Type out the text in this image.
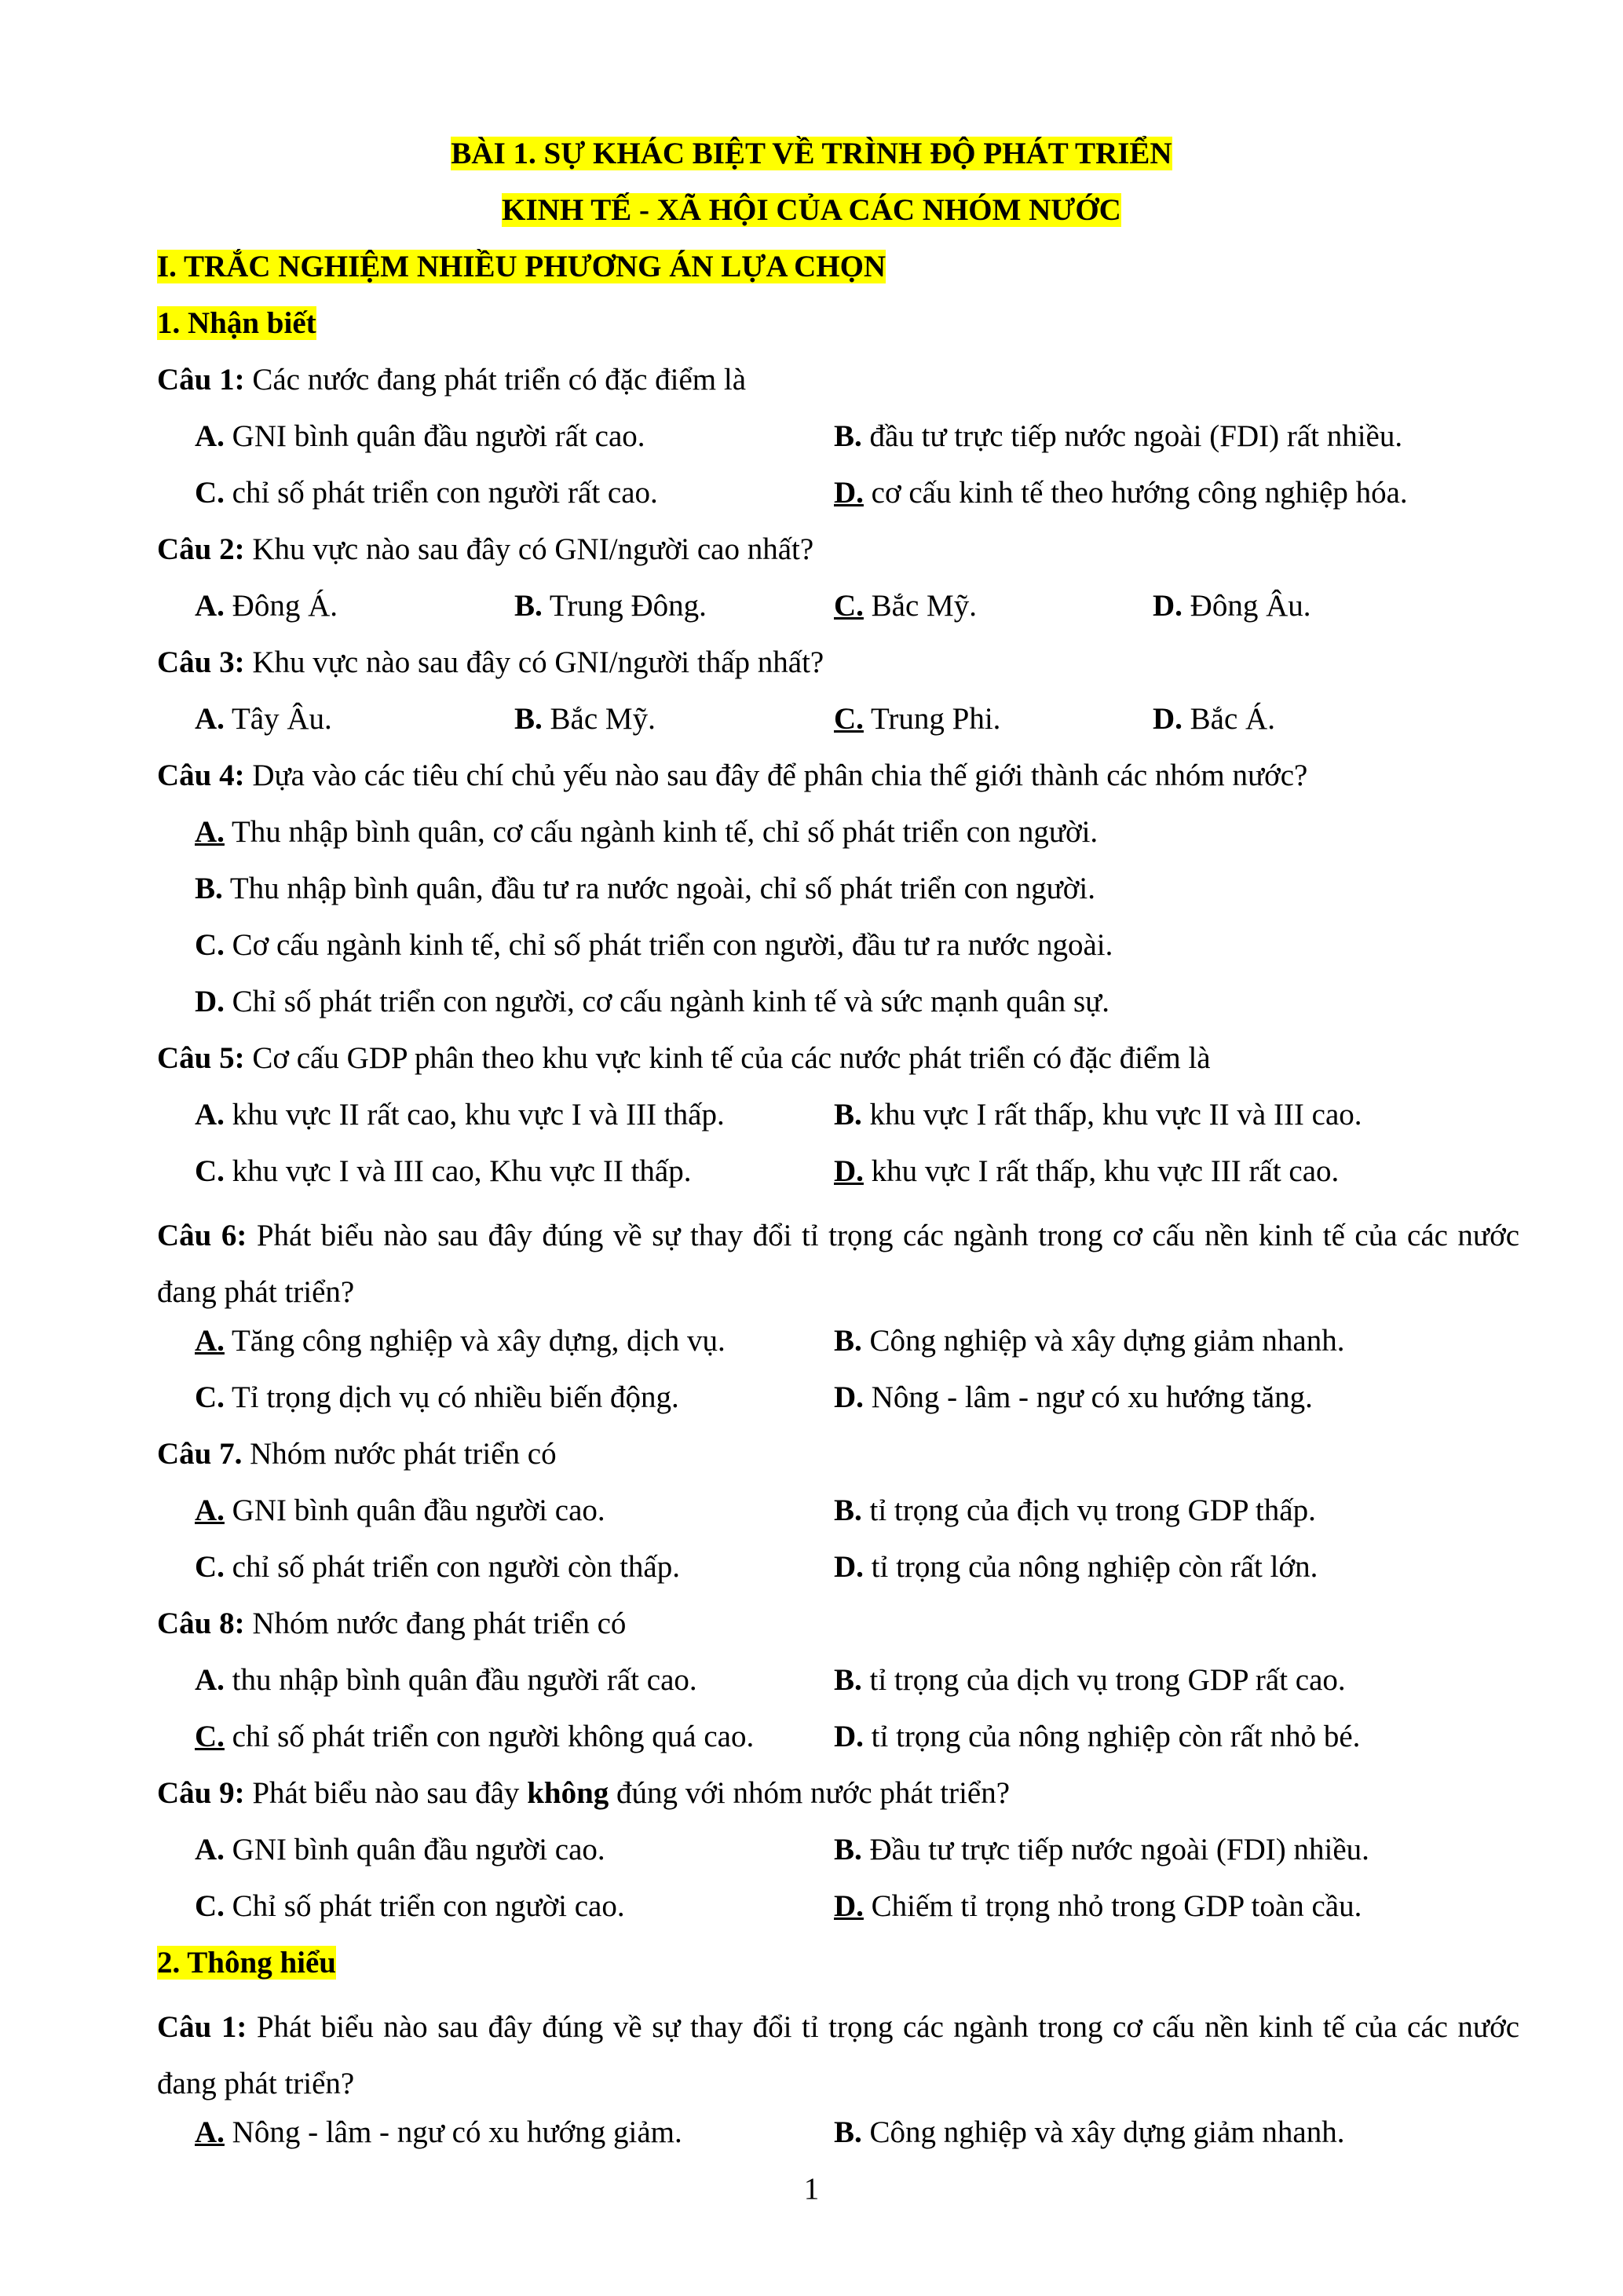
BÀI 1. SỰ KHÁC BIỆT VỀ TRÌNH ĐỘ PHÁT TRIỂN
KINH TẾ - XÃ HỘI CỦA CÁC NHÓM NƯỚC
I. TRẮC NGHIỆM NHIỀU PHƯƠNG ÁN LỰA CHỌN
1. Nhận biết
Câu 1: Các nước đang phát triển có đặc điểm là
A. GNI bình quân đầu người rất cao.	B. đầu tư trực tiếp nước ngoài (FDI) rất nhiều.
C. chỉ số phát triển con người rất cao.	D. cơ cấu kinh tế theo hướng công nghiệp hóa.
Câu 2: Khu vực nào sau đây có GNI/người cao nhất?
A. Đông Á.	B. Trung Đông.	C. Bắc Mỹ.	D. Đông Âu.
Câu 3: Khu vực nào sau đây có GNI/người thấp nhất?
A. Tây Âu.	B. Bắc Mỹ.	C. Trung Phi.	D. Bắc Á.
Câu 4: Dựa vào các tiêu chí chủ yếu nào sau đây để phân chia thế giới thành các nhóm nước?
A. Thu nhập bình quân, cơ cấu ngành kinh tế, chỉ số phát triển con người.
B. Thu nhập bình quân, đầu tư ra nước ngoài, chỉ số phát triển con người.
C. Cơ cấu ngành kinh tế, chỉ số phát triển con người, đầu tư ra nước ngoài.
D. Chỉ số phát triển con người, cơ cấu ngành kinh tế và sức mạnh quân sự.
Câu 5: Cơ cấu GDP phân theo khu vực kinh tế của các nước phát triển có đặc điểm là
A. khu vực II rất cao, khu vực I và III thấp.	B. khu vực I rất thấp, khu vực II và III cao.
C. khu vực I và III cao, Khu vực II thấp.	D. khu vực I rất thấp, khu vực III rất cao.
Câu 6: Phát biểu nào sau đây đúng về sự thay đổi tỉ trọng các ngành trong cơ cấu nền kinh tế của các nước đang phát triển?
A. Tăng công nghiệp và xây dựng, dịch vụ.	B. Công nghiệp và xây dựng giảm nhanh.
C. Tỉ trọng dịch vụ có nhiều biến động.	D. Nông - lâm - ngư có xu hướng tăng.
Câu 7. Nhóm nước phát triển có
A. GNI bình quân đầu người cao.	B. tỉ trọng của địch vụ trong GDP thấp.
C. chỉ số phát triển con người còn thấp.	D. tỉ trọng của nông nghiệp còn rất lớn.
Câu 8: Nhóm nước đang phát triển có
A. thu nhập bình quân đầu người rất cao.	B. tỉ trọng của dịch vụ trong GDP rất cao.
C. chỉ số phát triển con người không quá cao.	D. tỉ trọng của nông nghiệp còn rất nhỏ bé.
Câu 9: Phát biểu nào sau đây không đúng với nhóm nước phát triển?
A. GNI bình quân đầu người cao.	B. Đầu tư trực tiếp nước ngoài (FDI) nhiều.
C. Chỉ số phát triển con người cao.	D. Chiếm tỉ trọng nhỏ trong GDP toàn cầu.
2. Thông hiểu
Câu 1: Phát biểu nào sau đây đúng về sự thay đổi tỉ trọng các ngành trong cơ cấu nền kinh tế của các nước đang phát triển?
A. Nông - lâm - ngư có xu hướng giảm.	B. Công nghiệp và xây dựng giảm nhanh.
1
